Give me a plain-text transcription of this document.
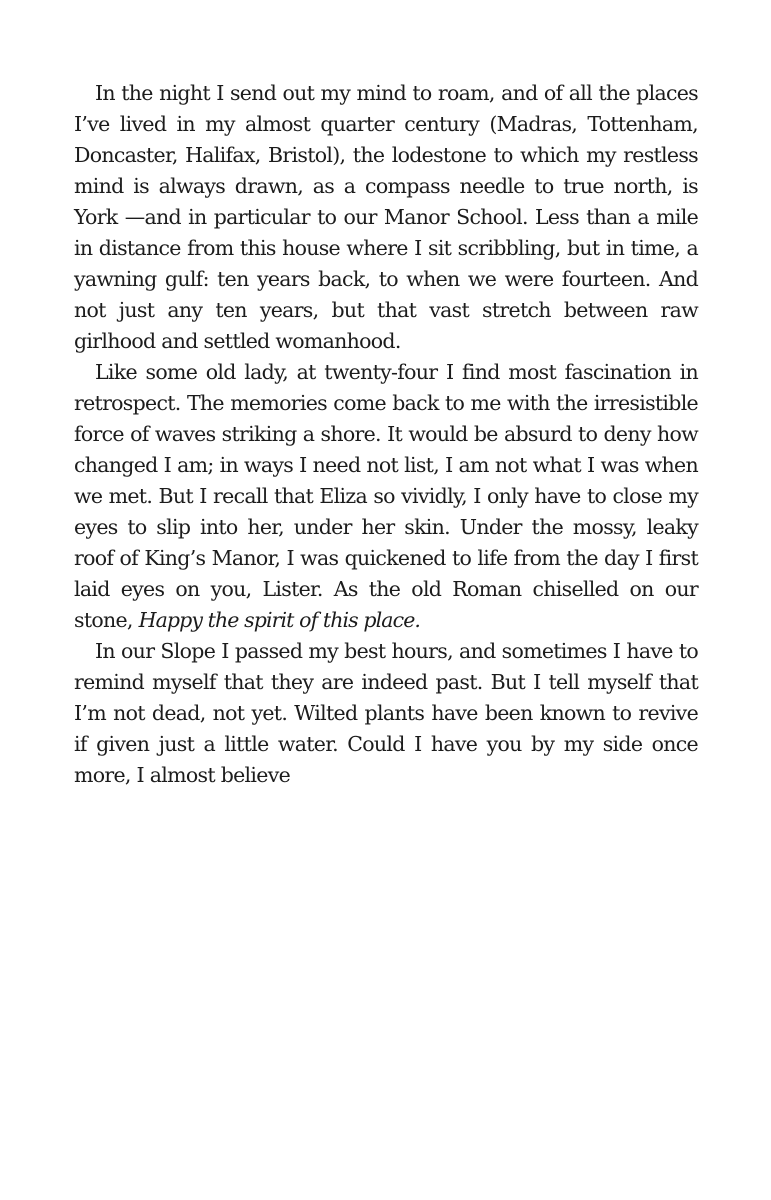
In the night I send out my mind to roam, and of all the places I’ve lived in my almost quarter century (Madras, Tottenham, Doncaster, Halifax, Bristol), the lodestone to which my restless mind is always drawn, as a compass needle to true north, is York —and in particular to our Manor School. Less than a mile in distance from this house where I sit scribbling, but in time, a yawning gulf: ten years back, to when we were fourteen. And not just any ten years, but that vast stretch between raw girlhood and settled womanhood.

Like some old lady, at twenty-four I find most fascination in retrospect. The memories come back to me with the irresistible force of waves striking a shore. It would be absurd to deny how changed I am; in ways I need not list, I am not what I was when we met. But I recall that Eliza so vividly, I only have to close my eyes to slip into her, under her skin. Under the mossy, leaky roof of King’s Manor, I was quickened to life from the day I first laid eyes on you, Lister. As the old Roman chiselled on our stone, Happy the spirit of this place.

In our Slope I passed my best hours, and sometimes I have to remind myself that they are indeed past. But I tell myself that I’m not dead, not yet. Wilted plants have been known to revive if given just a little water. Could I have you by my side once more, I almost believe
